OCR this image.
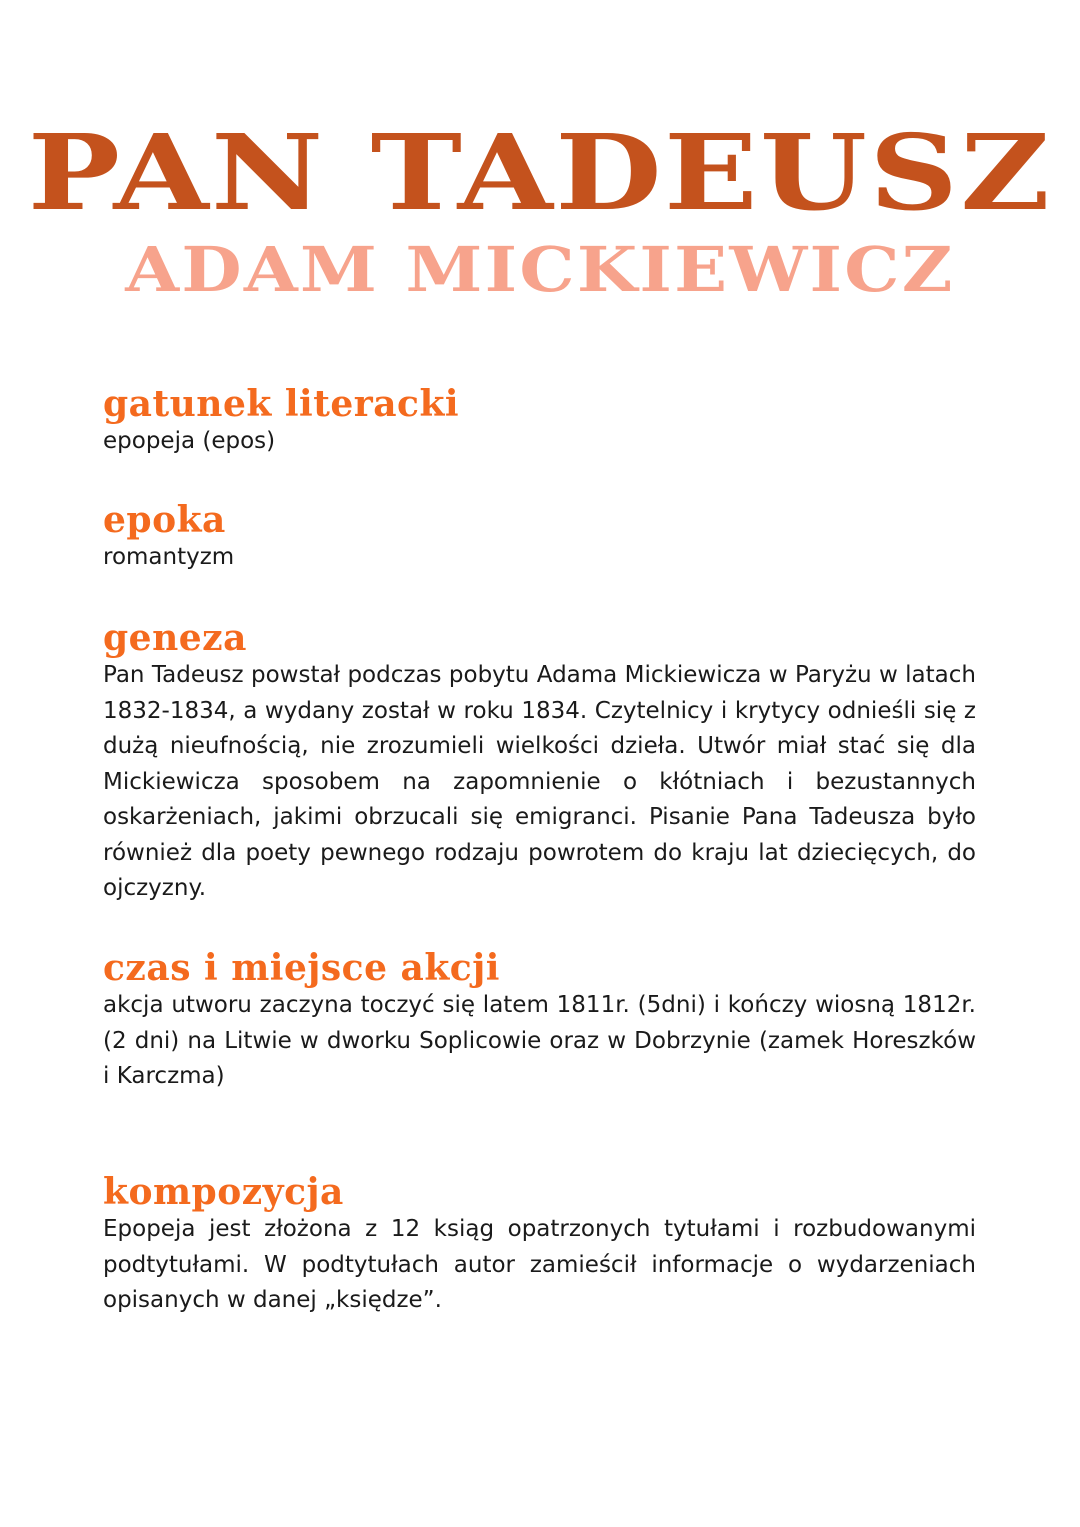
PAN TADEUSZ
ADAM MICKIEWICZ
gatunek literacki

epopeja (epos)

epoka

romantyzm

geneza

Pan Tadeusz powstał podczas pobytu Adama Mickiewicza w Paryżu w latach 1832-1834, a wydany został w roku 1834. Czytelnicy i krytycy odnieśli się z dużą nieufnością, nie zrozumieli wielkości dzieła. Utwór miał stać się dla Mickiewicza sposobem na zapomnienie o kłótniach i bezustannych oskarżeniach, jakimi obrzucali się emigranci. Pisanie Pana Tadeusza było również dla poety pewnego rodzaju powrotem do kraju lat dziecięcych, do ojczyzny.

czas i miejsce akcji

akcja utworu zaczyna toczyć się latem 1811r. (5dni) i kończy wiosną 1812r. (2 dni) na Litwie w dworku Soplicowie oraz w Dobrzynie (zamek Horeszków i Karczma)

kompozycja

Epopeja jest złożona z 12 ksiąg opatrzonych tytułami i rozbudowanymi podtytułami. W podtytułach autor zamieścił informacje o wydarzeniach opisanych w danej „księdze”.
